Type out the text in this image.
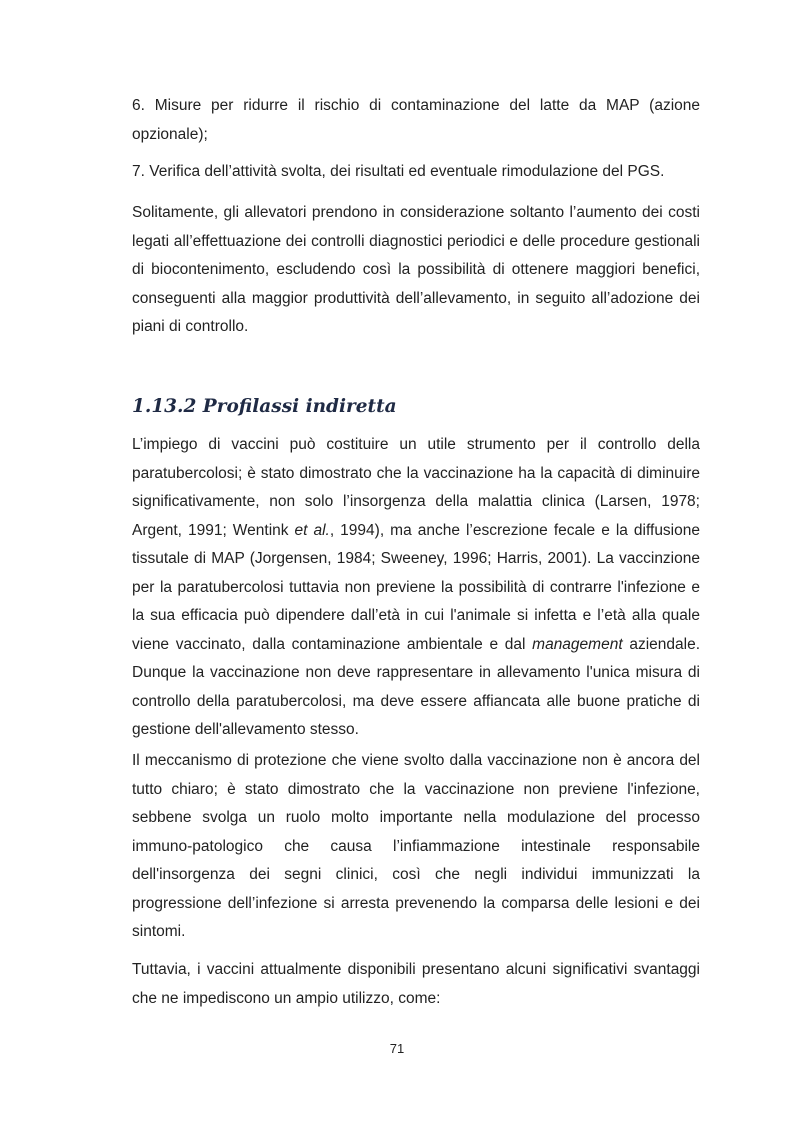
6. Misure per ridurre il rischio di contaminazione del latte da MAP (azione opzionale);

7. Verifica dell’attività svolta, dei risultati ed eventuale rimodulazione del PGS.

Solitamente, gli allevatori prendono in considerazione soltanto l’aumento dei costi legati all’effettuazione dei controlli diagnostici periodici e delle procedure gestionali di biocontenimento, escludendo così la possibilità di ottenere maggiori benefici, conseguenti alla maggior produttività dell’allevamento, in seguito all’adozione dei piani di controllo.

1.13.2 Profilassi indiretta

L’impiego di vaccini può costituire un utile strumento per il controllo della paratubercolosi; è stato dimostrato che la vaccinazione ha la capacità di diminuire significativamente, non solo l’insorgenza della malattia clinica (Larsen, 1978; Argent, 1991; Wentink et al., 1994), ma anche l’escrezione fecale e la diffusione tissutale di MAP (Jorgensen, 1984; Sweeney, 1996; Harris, 2001). La vaccinzione per la paratubercolosi tuttavia non previene la possibilità di contrarre l'infezione e la sua efficacia può dipendere dall’età in cui l'animale si infetta e l’età alla quale viene vaccinato, dalla contaminazione ambientale e dal management aziendale. Dunque la vaccinazione non deve rappresentare in allevamento l'unica misura di controllo della paratubercolosi, ma deve essere affiancata alle buone pratiche di gestione dell'allevamento stesso.

Il meccanismo di protezione che viene svolto dalla vaccinazione non è ancora del tutto chiaro; è stato dimostrato che la vaccinazione non previene l'infezione, sebbene svolga un ruolo molto importante nella modulazione del processo immuno-patologico che causa l’infiammazione intestinale responsabile dell'insorgenza dei segni clinici, così che negli individui immunizzati la progressione dell’infezione si arresta prevenendo la comparsa delle lesioni e dei sintomi.

Tuttavia, i vaccini attualmente disponibili presentano alcuni significativi svantaggi che ne impediscono un ampio utilizzo, come:

71
